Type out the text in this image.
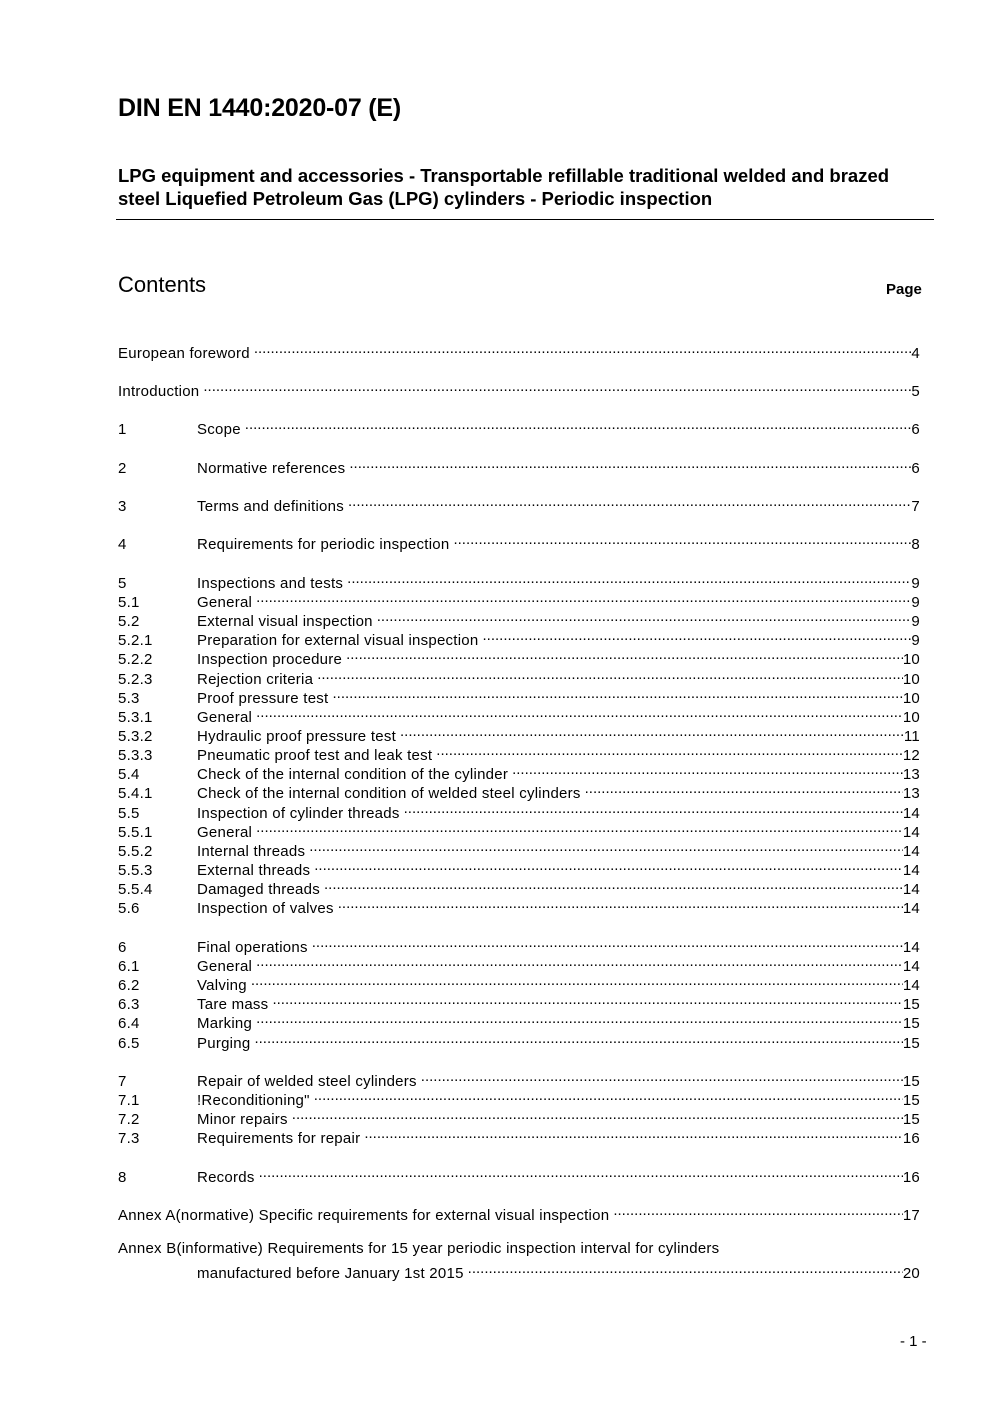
DIN EN 1440:2020-07 (E)
LPG equipment and accessories - Transportable refillable traditional welded and brazed steel Liquefied Petroleum Gas (LPG) cylinders - Periodic inspection
Contents	Page
European foreword .....	4
Introduction .....	5
1	Scope .....	6
2	Normative references .....	6
3	Terms and definitions .....	7
4	Requirements for periodic inspection .....	8
5	Inspections and tests .....	9
5.1	General .....	9
5.2	External visual inspection .....	9
5.2.1	Preparation for external visual inspection .....	9
5.2.2	Inspection procedure .....	10
5.2.3	Rejection criteria .....	10
5.3	Proof pressure test .....	10
5.3.1	General .....	10
5.3.2	Hydraulic proof pressure test .....	11
5.3.3	Pneumatic proof test and leak test .....	12
5.4	Check of the internal condition of the cylinder .....	13
5.4.1	Check of the internal condition of welded steel cylinders .....	13
5.5	Inspection of cylinder threads .....	14
5.5.1	General .....	14
5.5.2	Internal threads .....	14
5.5.3	External threads .....	14
5.5.4	Damaged threads .....	14
5.6	Inspection of valves .....	14
6	Final operations .....	14
6.1	General .....	14
6.2	Valving .....	14
6.3	Tare mass .....	15
6.4	Marking .....	15
6.5	Purging .....	15
7	Repair of welded steel cylinders .....	15
7.1	!Reconditioning" .....	15
7.2	Minor repairs .....	15
7.3	Requirements for repair .....	16
8	Records .....	16
Annex A(normative) Specific requirements for external visual inspection .....	17
Annex B(informative) Requirements for 15 year periodic inspection interval for cylinders
manufactured before January 1st 2015 .....	20
- 1 -
